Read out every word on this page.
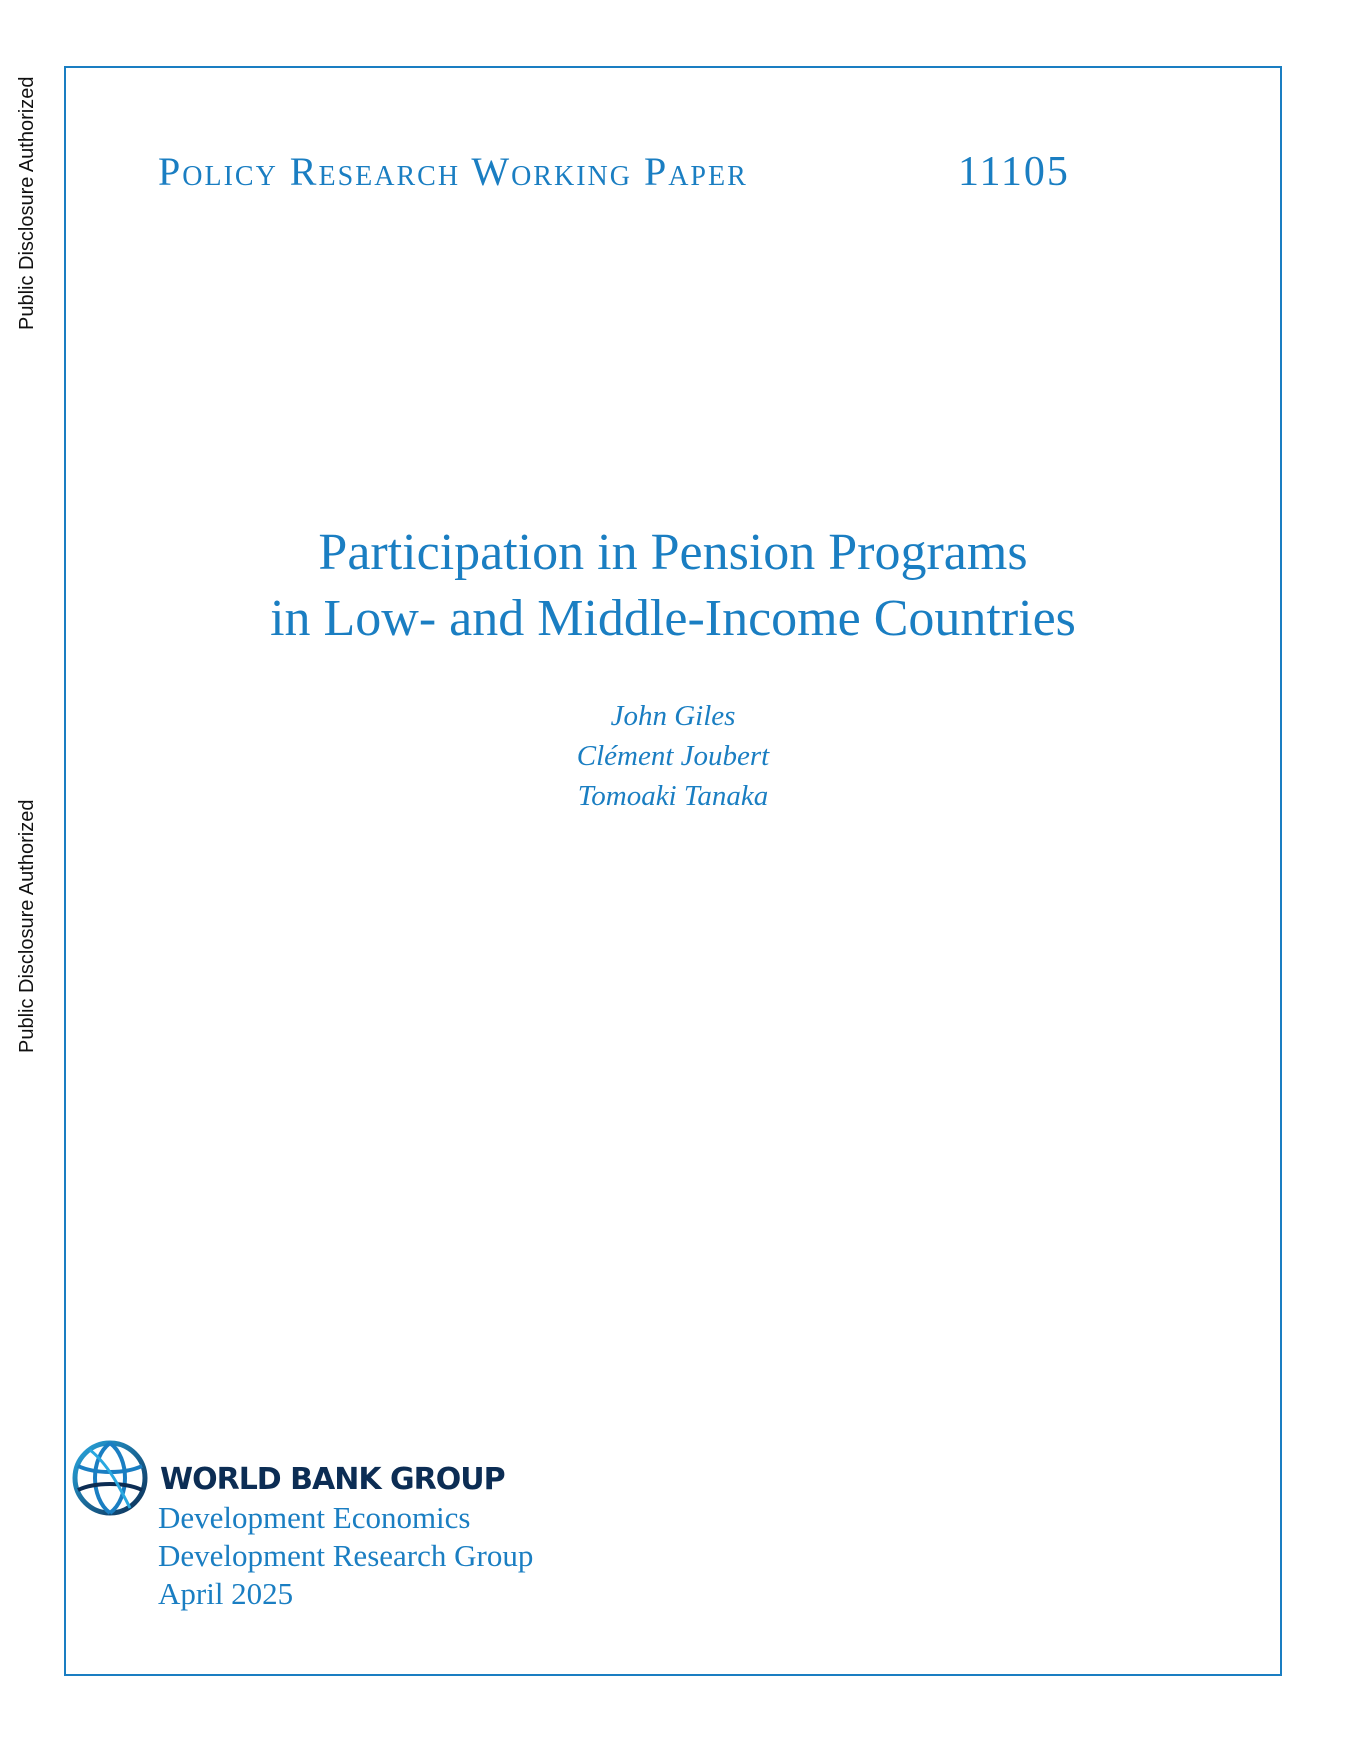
Public Disclosure Authorized
Public Disclosure Authorized
Policy Research Working Paper	11105
Participation in Pension Programs
in Low- and Middle-Income Countries
John Giles
Clément Joubert
Tomoaki Tanaka
WORLD BANK GROUP
Development Economics
Development Research Group
April 2025
